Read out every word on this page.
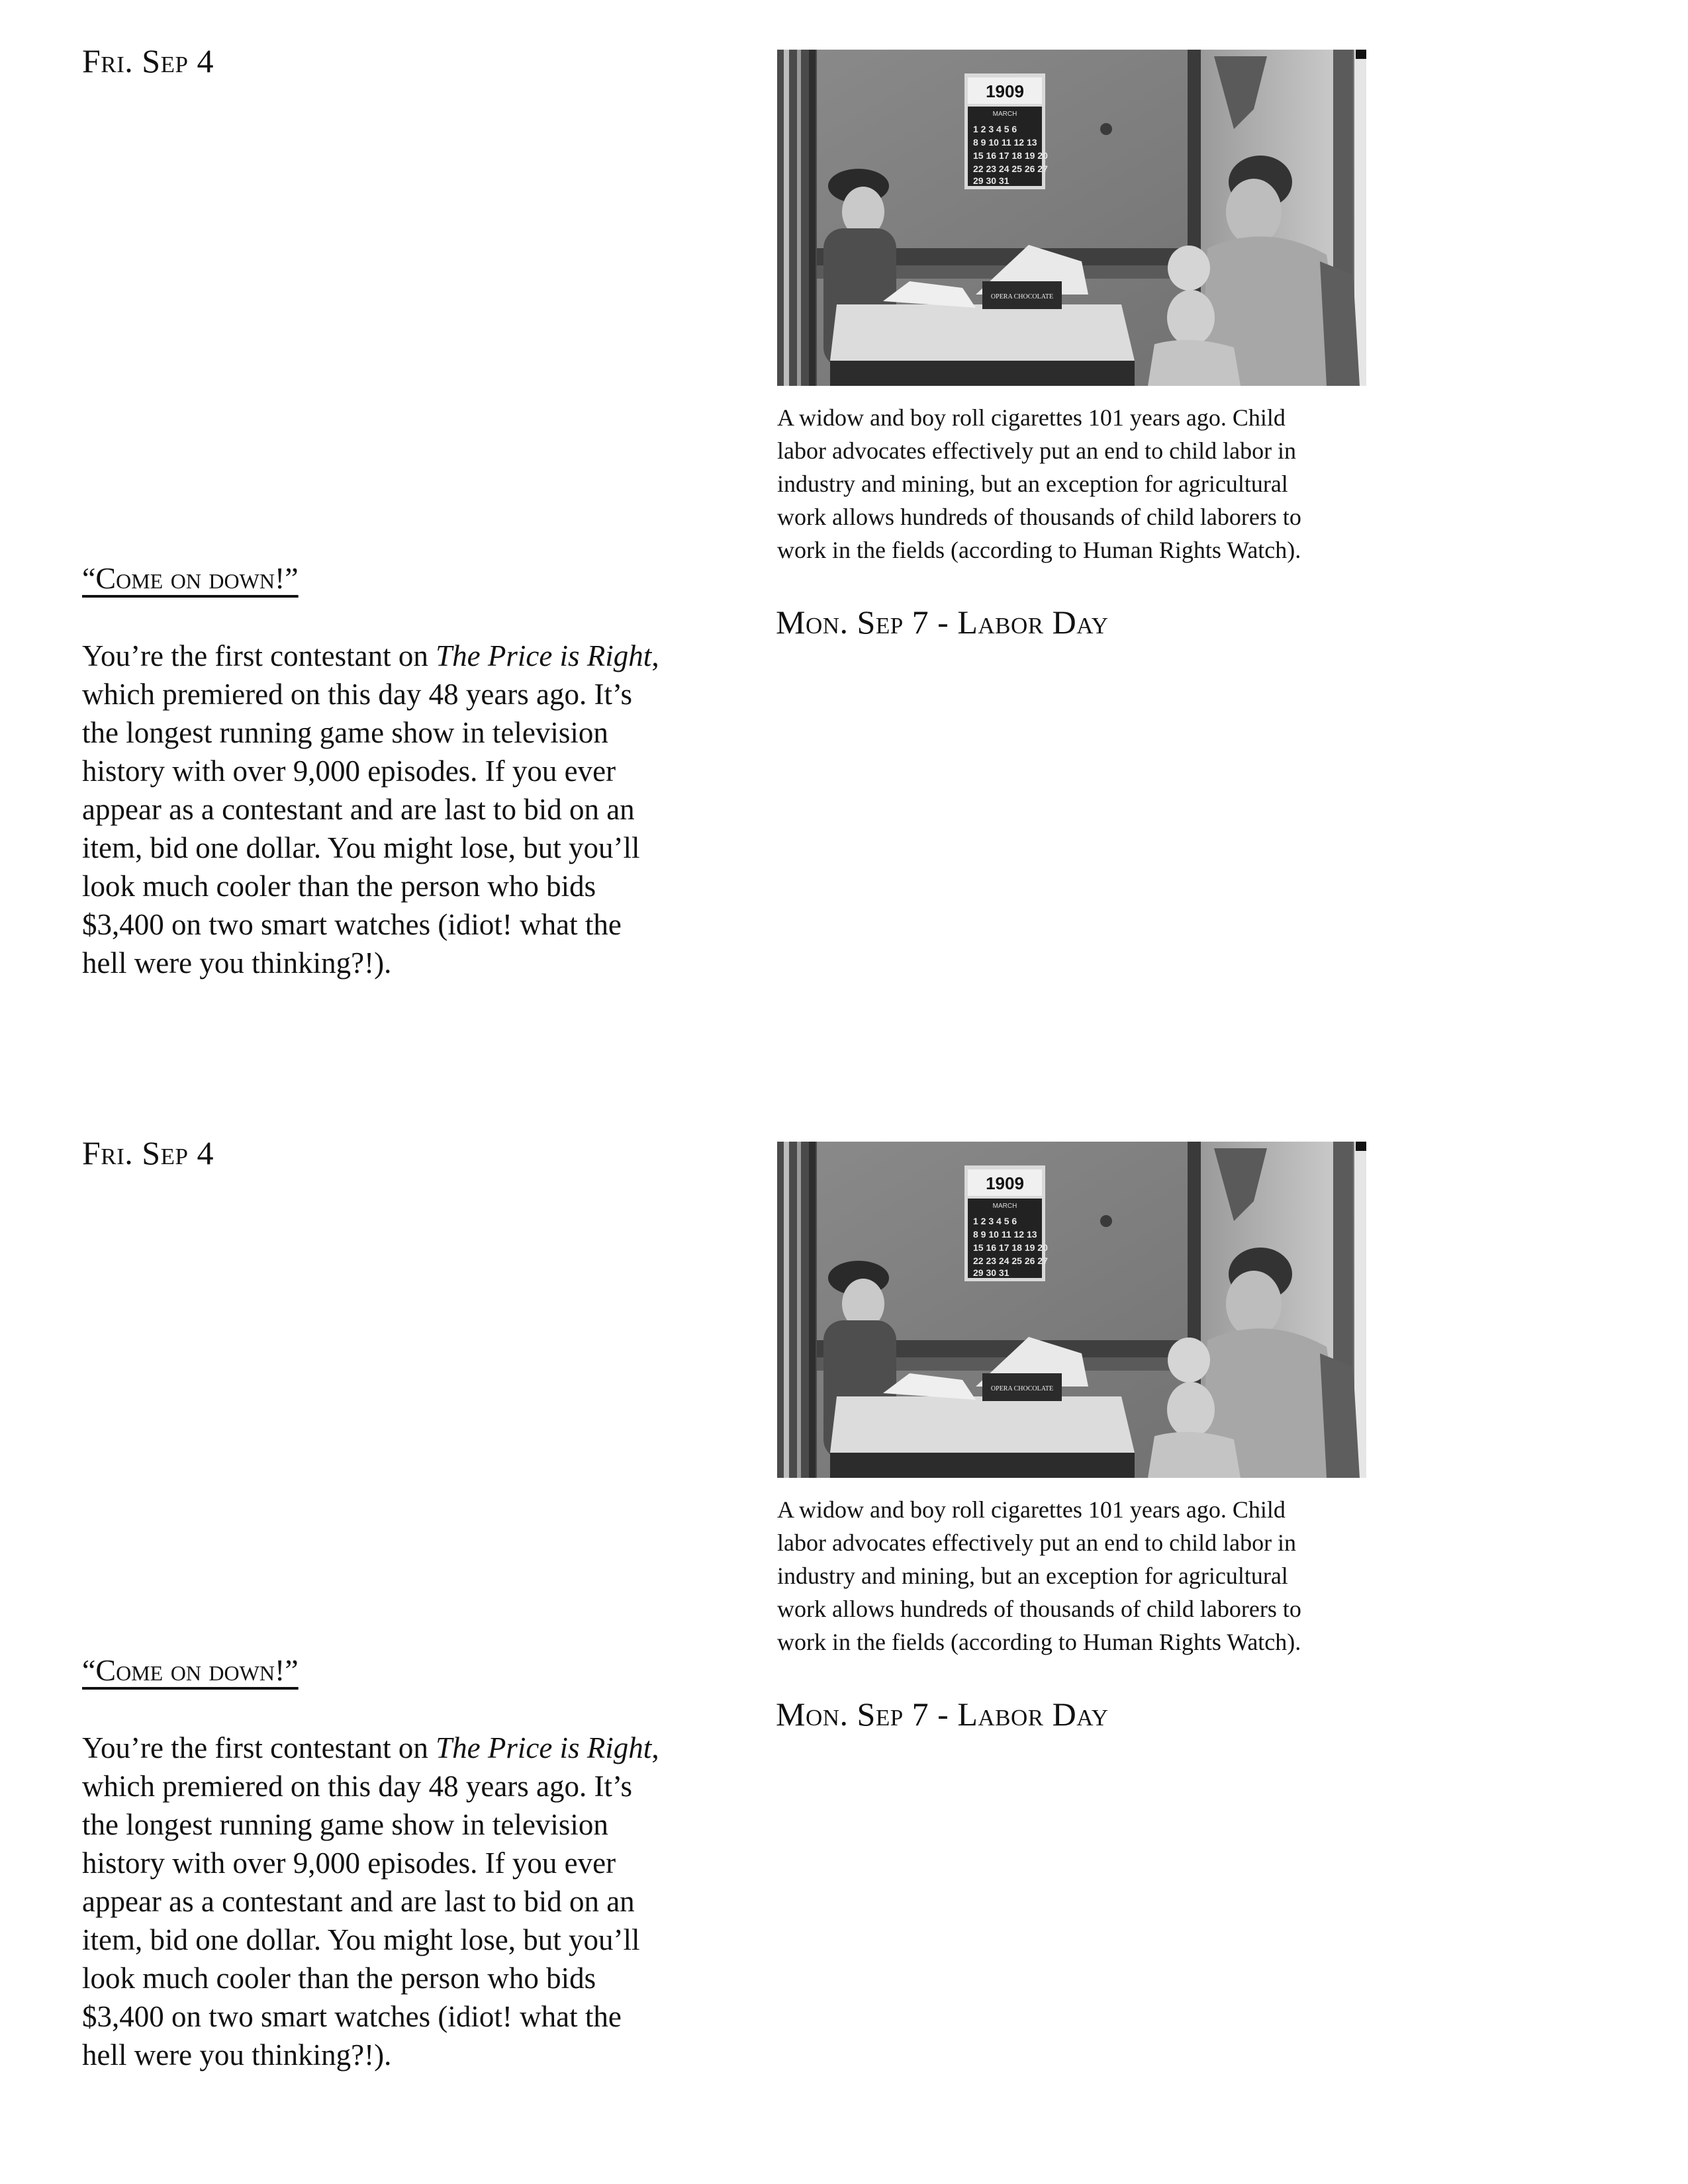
Fri. Sep 4
“Come on down!”

You’re the first contestant on The Price is Right,
which premiered on this day 48 years ago. It’s
the longest running game show in television
history with over 9,000 episodes. If you ever
appear as a contestant and are last to bid on an
item, bid one dollar. You might lose, but you’ll
look much cooler than the person who bids
$3,400 on two smart watches (idiot! what the
hell were you thinking?!).

1909
MARCH
1 2 3 4 5 6
8 9 10 11 12 13
15 16 17 18 19 20
22 23 24 25 26 27
29 30 31
OPERA CHOCOLATE

A widow and boy roll cigarettes 101 years ago. Child
labor advocates effectively put an end to child labor in
industry and mining, but an exception for agricultural
work allows hundreds of thousands of child laborers to
work in the fields (according to Human Rights Watch).

Mon. Sep 7 - Labor Day
Fri. Sep 4
“Come on down!”

You’re the first contestant on The Price is Right,
which premiered on this day 48 years ago. It’s
the longest running game show in television
history with over 9,000 episodes. If you ever
appear as a contestant and are last to bid on an
item, bid one dollar. You might lose, but you’ll
look much cooler than the person who bids
$3,400 on two smart watches (idiot! what the
hell were you thinking?!).

1909
MARCH
1 2 3 4 5 6
8 9 10 11 12 13
15 16 17 18 19 20
22 23 24 25 26 27
29 30 31
OPERA CHOCOLATE

A widow and boy roll cigarettes 101 years ago. Child
labor advocates effectively put an end to child labor in
industry and mining, but an exception for agricultural
work allows hundreds of thousands of child laborers to
work in the fields (according to Human Rights Watch).

Mon. Sep 7 - Labor Day
